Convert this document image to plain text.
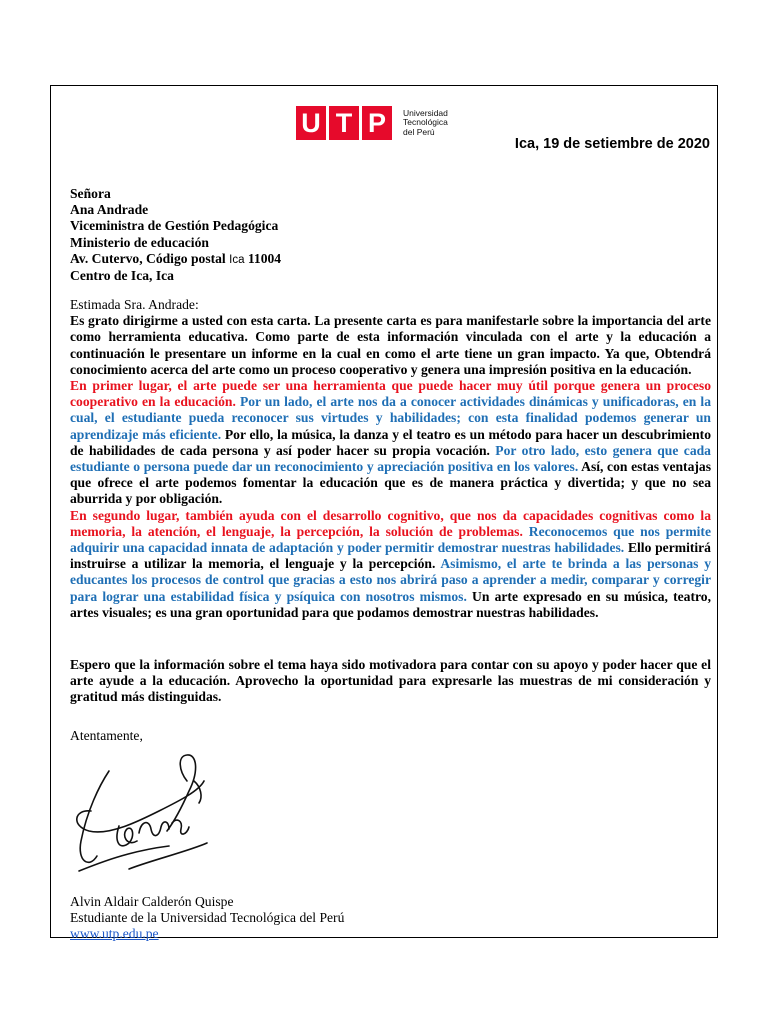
U T P	Universidad
Tecnológica
del Perú
Ica, 19 de setiembre de 2020
Señora
Ana Andrade
Viceministra de Gestión Pedagógica
Ministerio de educación
Av. Cutervo, Código postal Ica 11004
Centro de Ica, Ica

Estimada Sra. Andrade:

Es grato dirigirme a usted con esta carta. La presente carta es para manifestarle sobre la importancia del arte como herramienta educativa. Como parte de esta información vinculada con el arte y la educación a continuación le presentare un informe en la cual en como el arte tiene un gran impacto. Ya que, Obtendrá conocimiento acerca del arte como un proceso cooperativo y genera una impresión positiva en la educación.

En primer lugar, el arte puede ser una herramienta que puede hacer muy útil porque genera un proceso cooperativo en la educación. Por un lado, el arte nos da a conocer actividades dinámicas y unificadoras, en la cual, el estudiante pueda reconocer sus virtudes y habilidades; con esta finalidad podemos generar un aprendizaje más eficiente. Por ello, la música, la danza y el teatro es un método para hacer un descubrimiento de habilidades de cada persona y así poder hacer su propia vocación. Por otro lado, esto genera que cada estudiante o persona puede dar un reconocimiento y apreciación positiva en los valores. Así, con estas ventajas que ofrece el arte podemos fomentar la educación que es de manera práctica y divertida; y que no sea aburrida y por obligación.

En segundo lugar, también ayuda con el desarrollo cognitivo, que nos da capacidades cognitivas como la memoria, la atención, el lenguaje, la percepción, la solución de problemas. Reconocemos que nos permite adquirir una capacidad innata de adaptación y poder permitir demostrar nuestras habilidades. Ello permitirá instruirse a utilizar la memoria, el lenguaje y la percepción. Asimismo, el arte te brinda a las personas y educantes los procesos de control que gracias a esto nos abrirá paso a aprender a medir, comparar y corregir para lograr una estabilidad física y psíquica con nosotros mismos. Un arte expresado en su música, teatro, artes visuales; es una gran oportunidad para que podamos demostrar nuestras habilidades.

Espero que la información sobre el tema haya sido motivadora para contar con su apoyo y poder hacer que el arte ayude a la educación. Aprovecho la oportunidad para expresarle las muestras de mi consideración y gratitud más distinguidas.
Atentamente,
Alvin Aldair Calderón Quispe
Estudiante de la Universidad Tecnológica del Perú
www.utp.edu.pe
